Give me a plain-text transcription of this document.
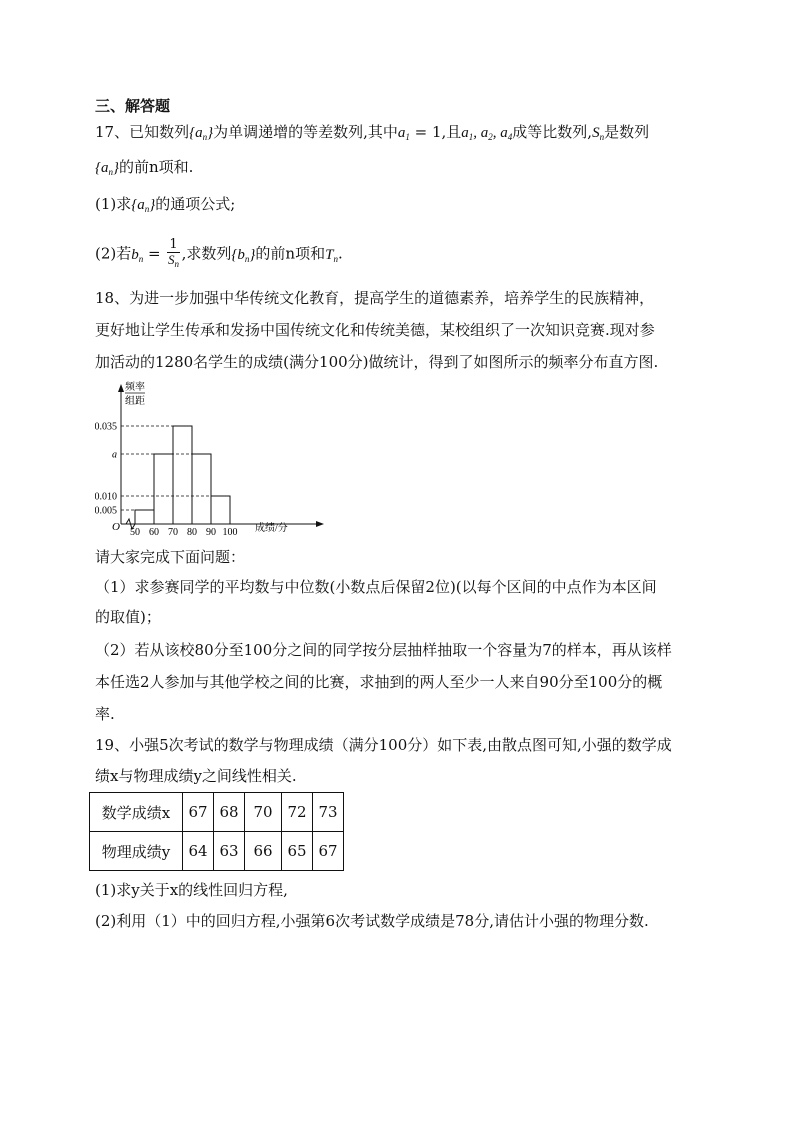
三、解答题
17、已知数列$\{a_n\}$为单调递增的等差数列,其中$a_1 = 1$,且$a_1$, $a_2$, $a_4$成等比数列$,S_n$是数列
$\{a_n\}$的前n项和.
(1)求$\{a_n\}$的通项公式;
(2)若$b_n = \frac{1}{S_n}$ ,求数列$\{b_n\}$的前n项和$T_n$.
18、为进一步加强中华传统文化教育，提高学生的道德素养，培养学生的民族精神，
更好地让学生传承和发扬中国传统文化和传统美德，某校组织了一次知识竞赛.现对参
加活动的1280名学生的成绩(满分100分)做统计，得到了如图所示的频率分布直方图.
频率
组距
O	成绩/分
0.035
a
0.010
0.005
50 60 70 80 90 100
请大家完成下面问题：
（1）求参赛同学的平均数与中位数(小数点后保留2位)(以每个区间的中点作为本区间
的取值)；
（2）若从该校80分至100分之间的同学按分层抽样抽取一个容量为7的样本，再从该样
本任选2人参加与其他学校之间的比赛，求抽到的两人至少一人来自90分至100分的概
率.
19、小强5次考试的数学与物理成绩（满分100分）如下表,由散点图可知,小强的数学成
绩x与物理成绩y之间线性相关.
数学成绩x	67	68	70	72	73
物理成绩y	64	63	66	65	67
(1)求y关于x的线性回归方程,
(2)利用（1）中的回归方程,小强第6次考试数学成绩是78分,请估计小强的物理分数.
